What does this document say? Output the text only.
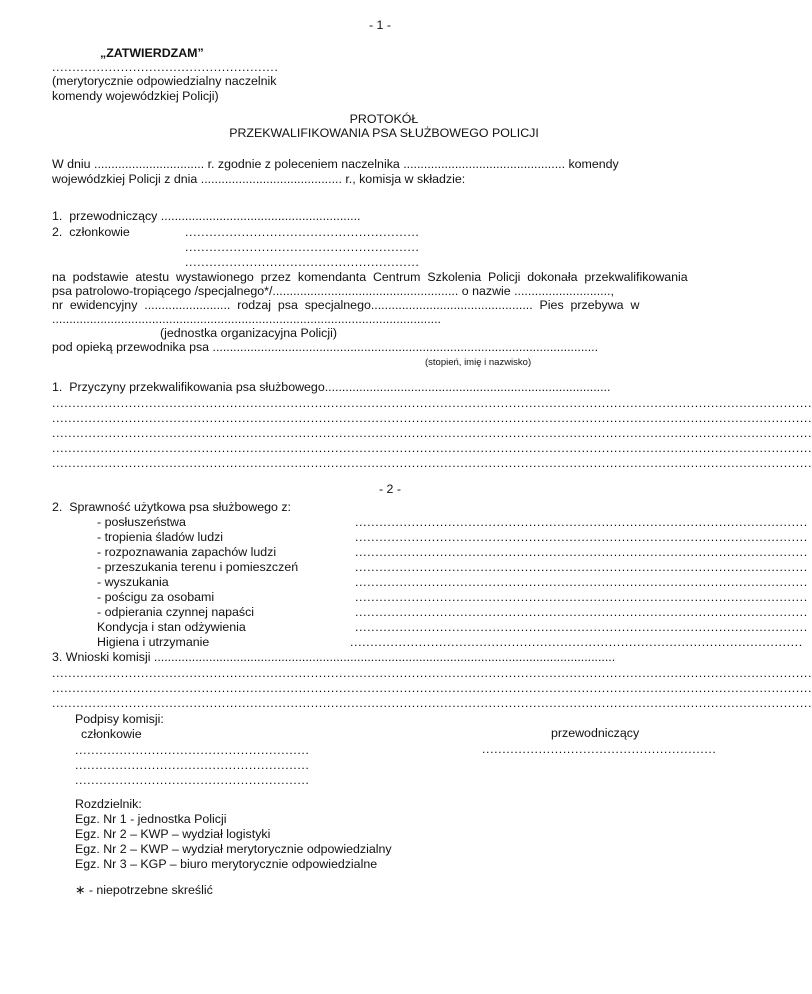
- 1 -
„ZATWIERDZAM”
........................................................
(merytorycznie odpowiedzialny naczelnik
komendy wojewódzkiej Policji)
PROTOKÓŁ
PRZEKWALIFIKOWANIA PSA SŁUŻBOWEGO POLICJI
W dniu ................................ r. zgodnie z poleceniem naczelnika ............................................... komendy
wojewódzkiej Policji z dnia ......................................... r., komisja w składzie:
1.  przewodniczący ..........................................................
2.  członkowie	..........................................................
..........................................................
..........................................................
na  podstawie  atestu  wystawionego  przez  komendanta  Centrum  Szkolenia  Policji  dokonała  przekwalifikowania
psa patrolowo-tropiącego /specjalnego*/...................................................... o nazwie ............................,
nr  ewidencyjny  .........................  rodzaj  psa  specjalnego...............................................  Pies  przebywa  w
.................................................................................................................
(jednostka organizacyjna Policji)
pod opieką przewodnika psa ................................................................................................................
(stopień, imię i nazwisko)
1.  Przyczyny przekwalifikowania psa służbowego...................................................................................
............................................................................................................................................................................................
............................................................................................................................................................................................
............................................................................................................................................................................................
............................................................................................................................................................................................
............................................................................................................................................................................................
- 2 -
2.  Sprawność użytkowa psa służbowego z:
- posłuszeństwa
- tropienia śladów ludzi
- rozpoznawania zapachów ludzi
- przeszukania terenu i pomieszczeń
- wyszukania
- pościgu za osobami
- odpierania czynnej napaści
Kondycja i stan odżywienia
Higiena i utrzymanie
................................................................................................................
................................................................................................................
................................................................................................................
................................................................................................................
................................................................................................................
................................................................................................................
................................................................................................................
................................................................................................................
................................................................................................................
3. Wnioski komisji ......................................................................................................................................
............................................................................................................................................................................................
............................................................................................................................................................................................
............................................................................................................................................................................................
Podpisy komisji:
członkowie	przewodniczący
..........................................................
..........................................................
..........................................................
..........................................................
Rozdzielnik:
Egz. Nr 1 - jednostka Policji
Egz. Nr 2 – KWP – wydział logistyki
Egz. Nr 2 – KWP – wydział merytorycznie odpowiedzialny
Egz. Nr 3 – KGP – biuro merytorycznie odpowiedzialne
∗ - niepotrzebne skreślić
